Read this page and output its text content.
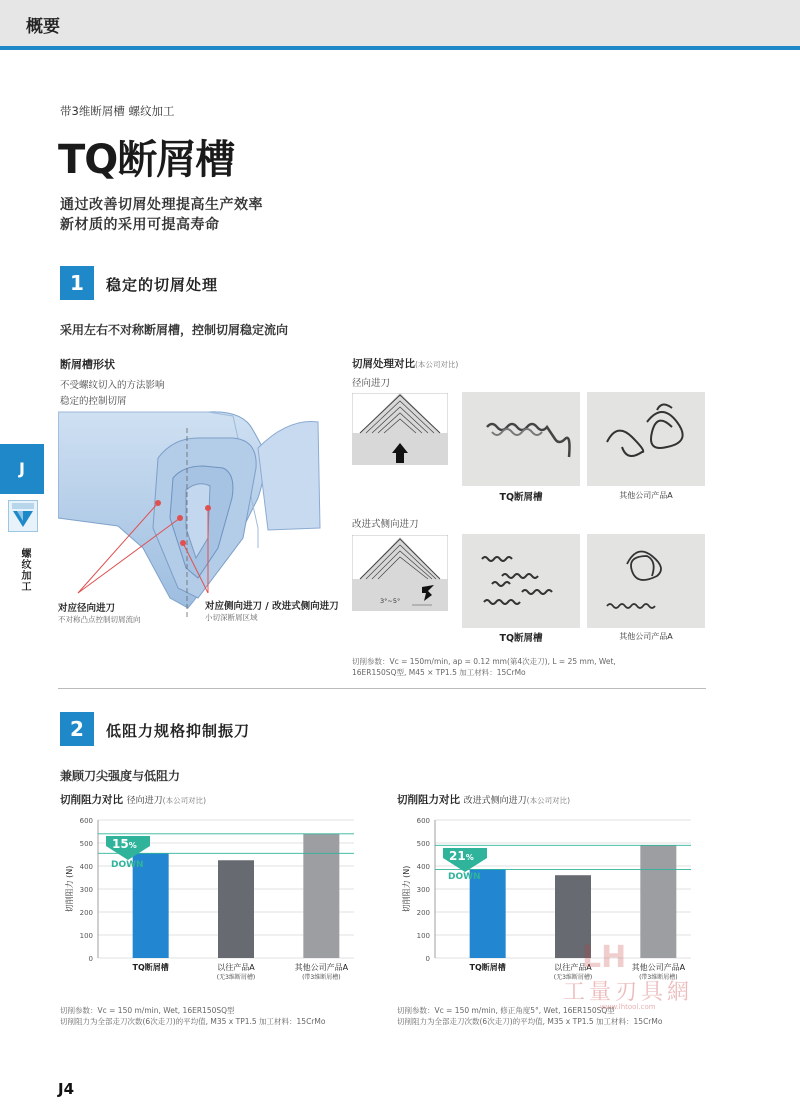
概要
带3维断屑槽 螺纹加工
TQ断屑槽
通过改善切屑处理提高生产效率
新材质的采用可提高寿命
J
螺纹加工
1	稳定的切屑处理
采用左右不对称断屑槽，控制切屑稳定流向
断屑槽形状
不受螺纹切入的方法影响
稳定的控制切屑
对应径向进刀
不对称凸点控制切屑流向
对应侧向进刀 / 改进式侧向进刀
小切深断屑区域
切屑处理对比(本公司对比)
径向进刀
TQ断屑槽	其他公司产品A
改进式侧向进刀
3°~5°
TQ断屑槽	其他公司产品A
切削参数：Vc = 150m/min, ap = 0.12 mm(第4次走刀), L = 25 mm, Wet,
16ER150SQ型, M45 × TP1.5 加工材料：15CrMo
2	低阻力规格抑制振刀
兼顾刀尖强度与低阻力
切削阻力对比 径向进刀(本公司对比)	切削阻力对比 改进式侧向进刀(本公司对比)
切削阻力 (N)
0
100
200
300
400
500
600
TQ断屑槽	以往产品A
(无3维断屑槽)
其他公司产品A
(带3维断屑槽)
切削阻力 (N)
0
100
200
300
400
500
600
TQ断屑槽	以往产品A
(无3维断屑槽)
其他公司产品A
(带3维断屑槽)
15%
DOWN
21%
DOWN
切削参数：Vc = 150 m/min, Wet, 16ER150SQ型
切削阻力为全部走刀次数(6次走刀)的平均值, M35 x TP1.5 加工材料：15CrMo
切削参数：Vc = 150 m/min, 修正角度5°, Wet, 16ER150SQ型
切削阻力为全部走刀次数(6次走刀)的平均值, M35 x TP1.5 加工材料：15CrMo
LH
工量刃具網
www.lhtool.com
J4
